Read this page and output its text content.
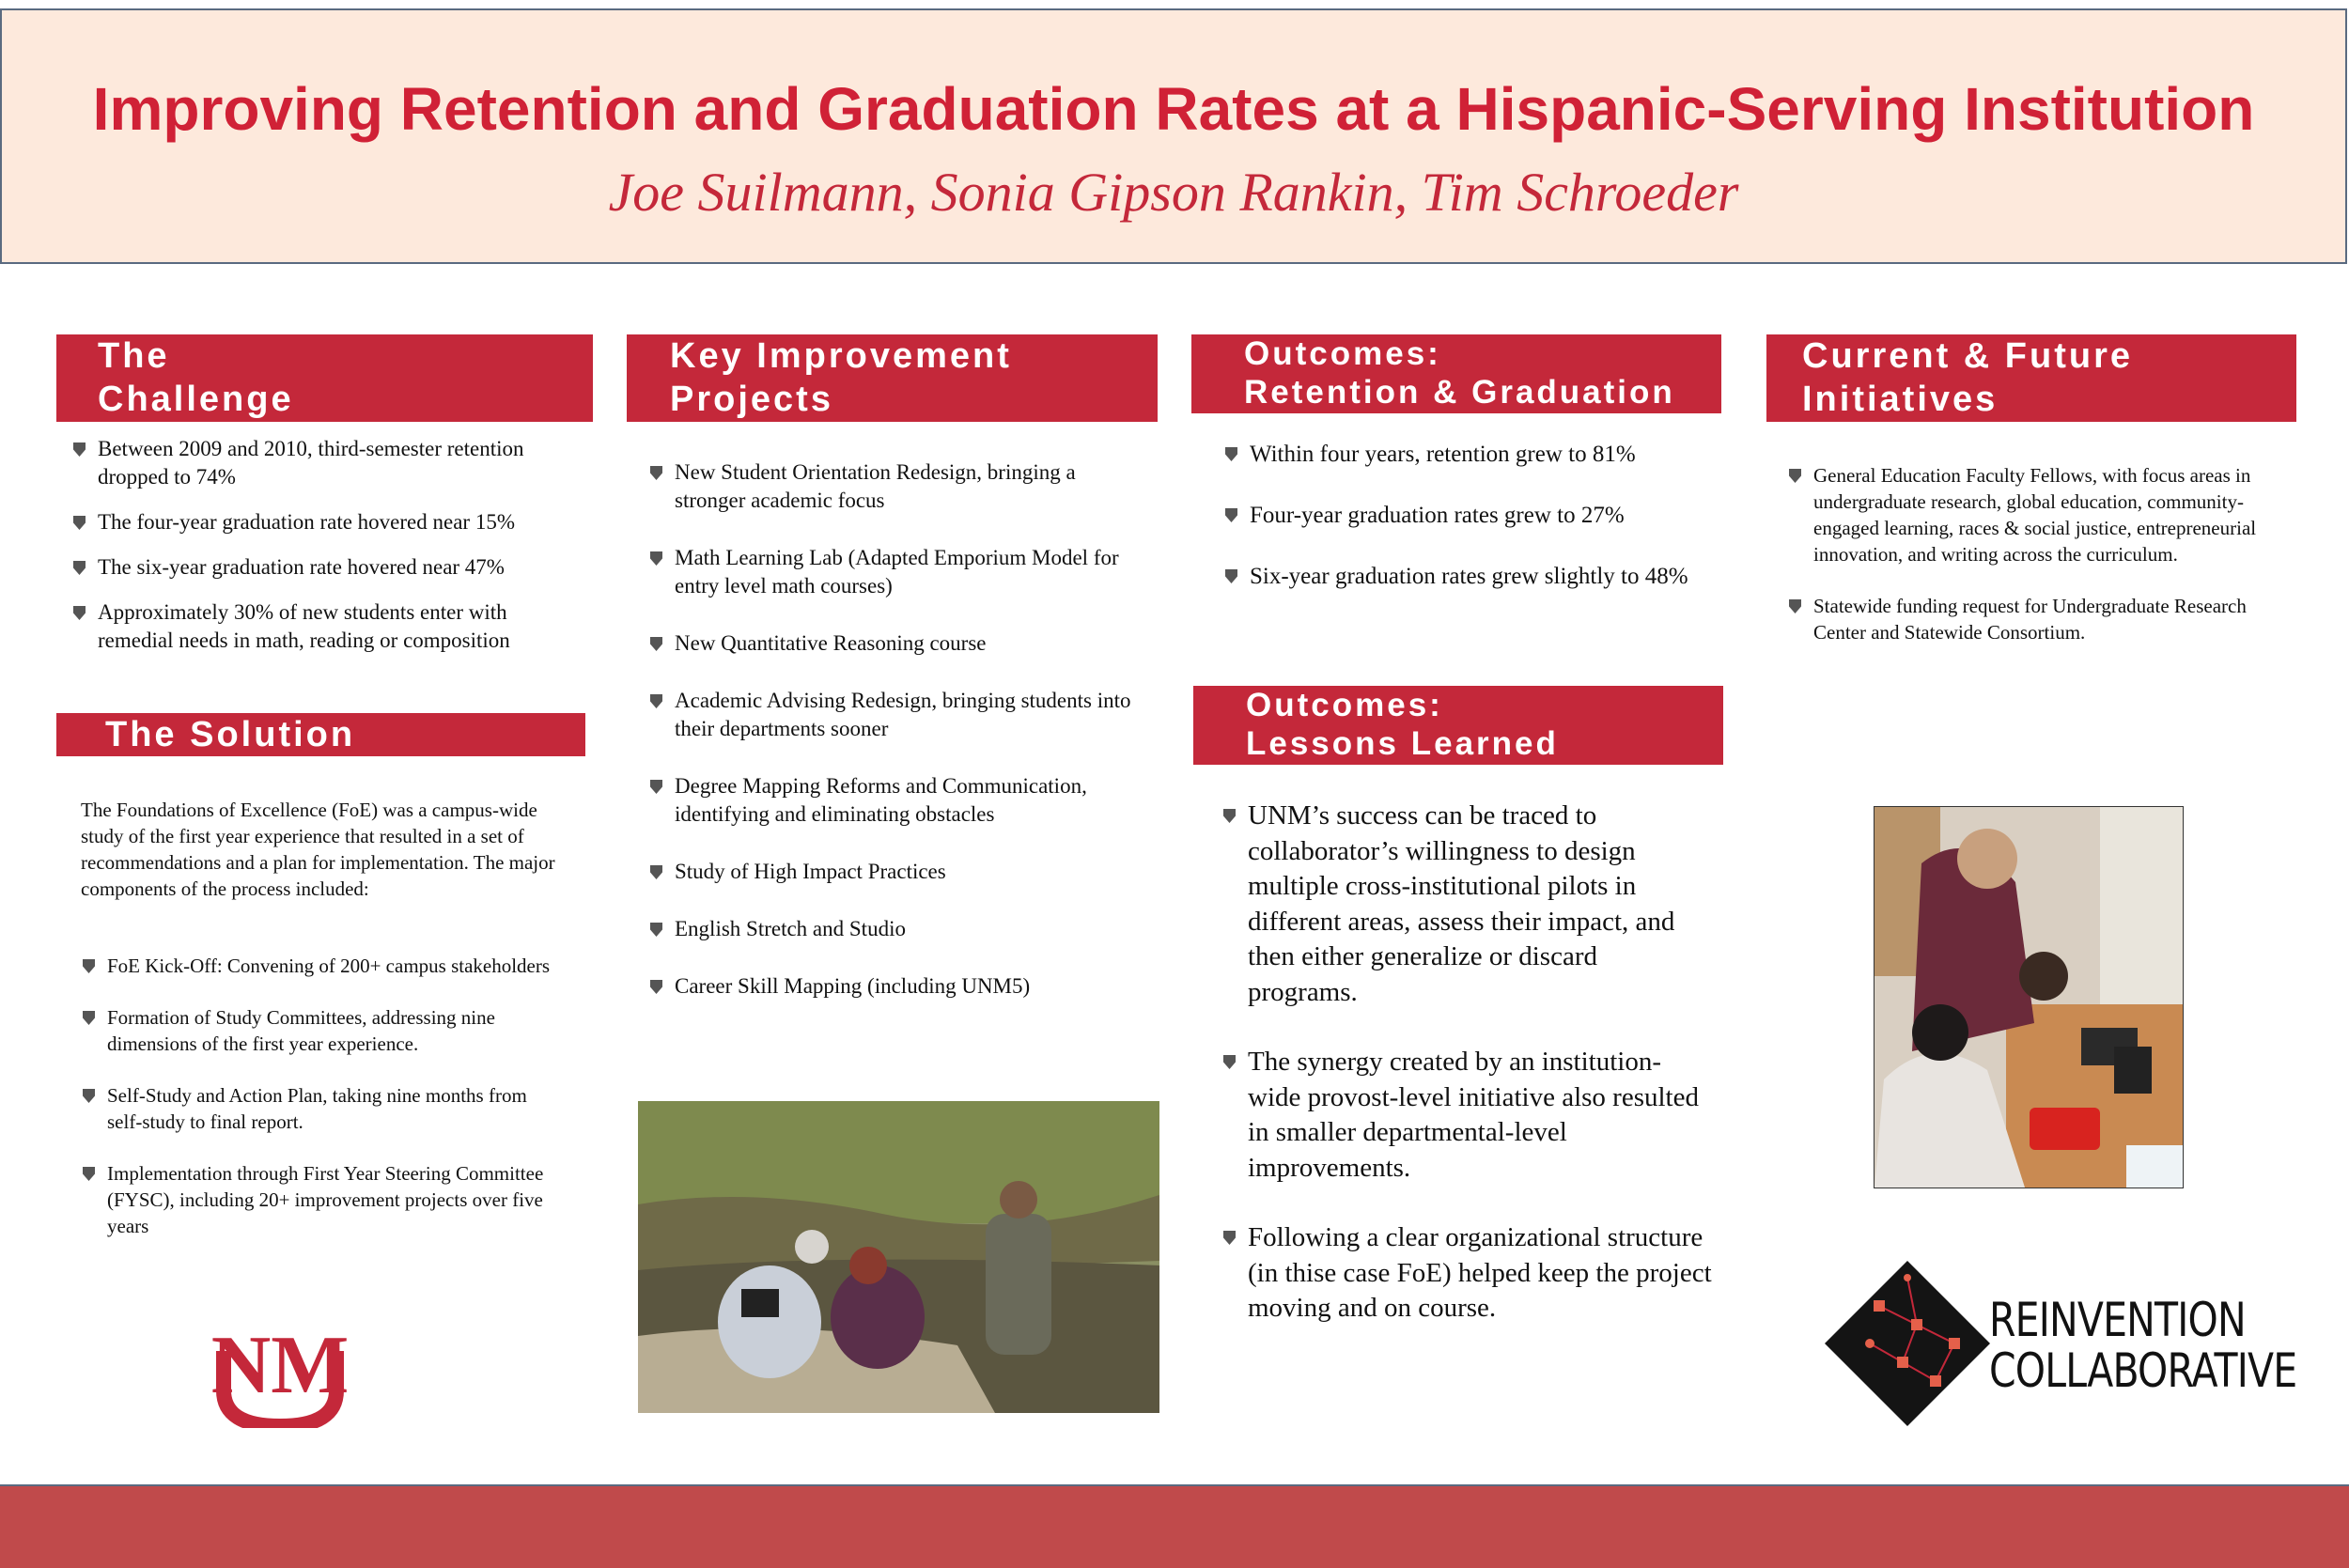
Improving Retention and Graduation Rates at a Hispanic-Serving Institution
Joe Suilmann, Sonia Gipson Rankin, Tim Schroeder
The
Challenge
Between 2009 and 2010, third-semester retention dropped to 74%
The four-year graduation rate hovered near 15%
The six-year graduation rate hovered near 47%
Approximately 30% of new students enter with remedial needs in math, reading or composition
The Solution
The Foundations of Excellence (FoE) was a campus-wide study of the first year experience that resulted in a set of recommendations and a plan for implementation. The major components of the process included:
FoE Kick-Off: Convening of 200+ campus stakeholders
Formation of Study Committees, addressing nine dimensions of the first year experience.
Self-Study and Action Plan, taking nine months from self-study to final report.
Implementation through First Year Steering Committee (FYSC), including 20+ improvement projects over five years
NM
Key Improvement
Projects
New Student Orientation Redesign, bringing a stronger academic focus
Math Learning Lab (Adapted Emporium Model for entry level math courses)
New Quantitative Reasoning course
Academic Advising Redesign, bringing students into their departments sooner
Degree Mapping Reforms and Communication, identifying and eliminating obstacles
Study of High Impact Practices
English Stretch and Studio
Career Skill Mapping (including UNM5)
Outcomes:
Retention & Graduation
Within four years, retention grew to 81%
Four-year graduation rates grew to 27%
Six-year graduation rates grew slightly to 48%
Outcomes:
Lessons Learned
UNM’s success can be traced to collaborator’s willingness to design multiple cross-institutional pilots in different areas, assess their impact, and then either generalize or discard programs.
The synergy created by an institution-wide provost-level initiative also resulted in smaller departmental-level improvements.
Following a clear organizational structure (in thise case FoE) helped keep the project moving and on course.
Current & Future
Initiatives
General Education Faculty Fellows, with focus areas in undergraduate research, global education, community-engaged learning, races & social justice, entrepreneurial innovation, and writing across the curriculum.
Statewide funding request for Undergraduate Research Center and Statewide Consortium.
REINVENTION
COLLABORATIVE
